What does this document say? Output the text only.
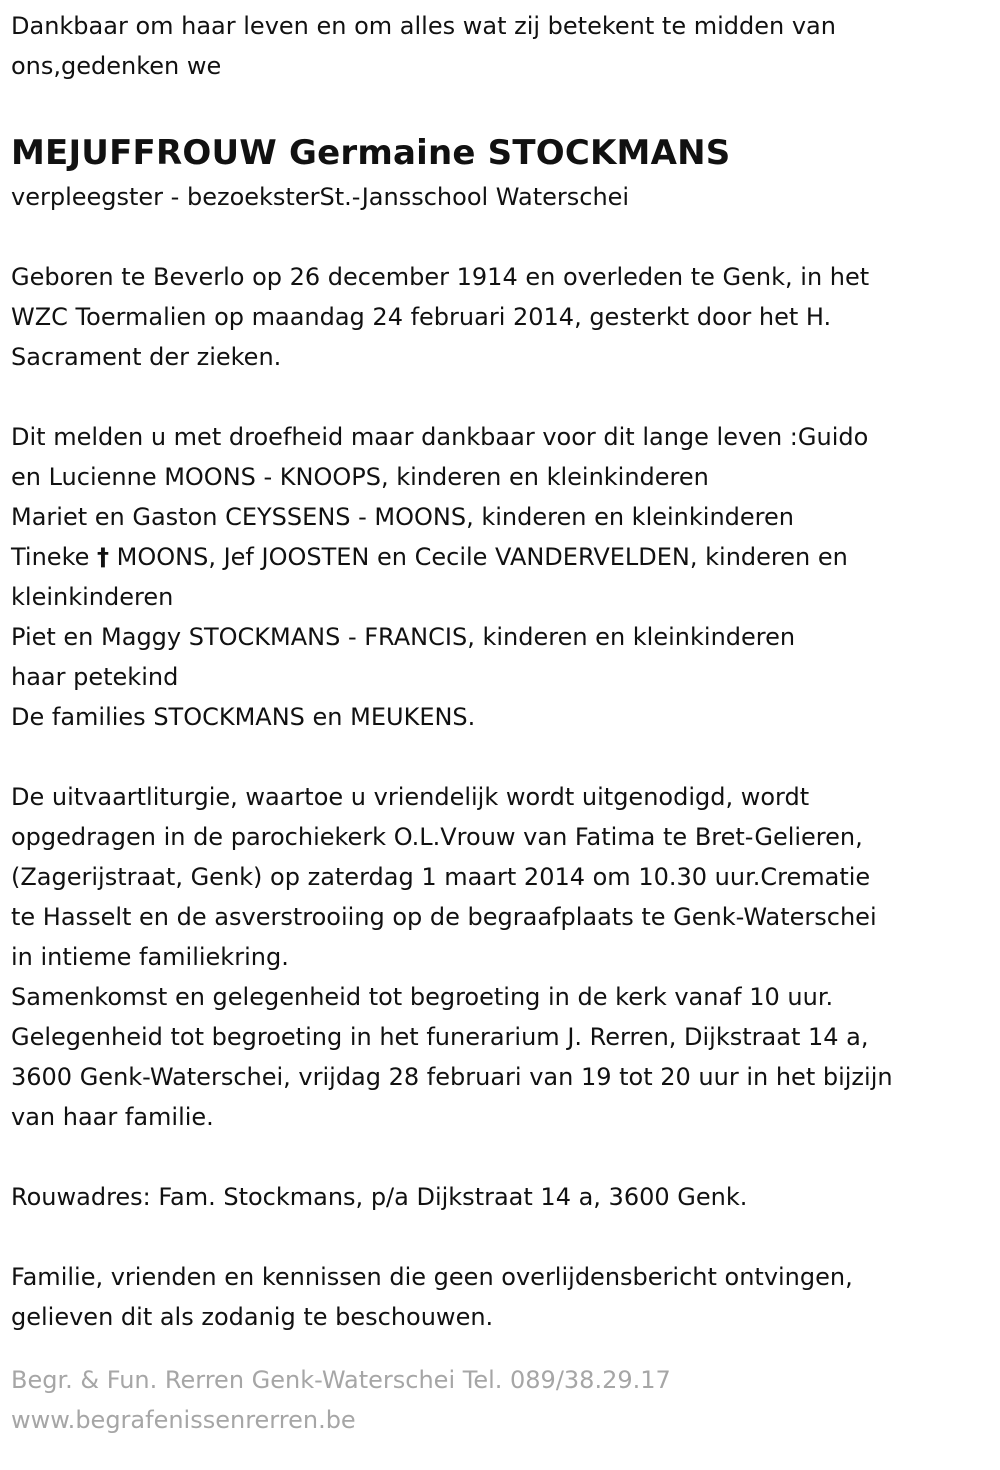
Dankbaar om haar leven en om alles wat zij betekent te midden van

ons,gedenken we

MEJUFFROUW Germaine STOCKMANS

verpleegster - bezoeksterSt.-Jansschool Waterschei

Geboren te Beverlo op 26 december 1914 en overleden te Genk, in het

WZC Toermalien op maandag 24 februari 2014, gesterkt door het H.

Sacrament der zieken.

Dit melden u met droefheid maar dankbaar voor dit lange leven :Guido

en Lucienne MOONS - KNOOPS, kinderen en kleinkinderen

Mariet en Gaston CEYSSENS - MOONS, kinderen en kleinkinderen

Tineke † MOONS, Jef JOOSTEN en Cecile VANDERVELDEN, kinderen en

kleinkinderen

Piet en Maggy STOCKMANS - FRANCIS, kinderen en kleinkinderen

haar petekind

De families STOCKMANS en MEUKENS.

De uitvaartliturgie, waartoe u vriendelijk wordt uitgenodigd, wordt

opgedragen in de parochiekerk O.L.Vrouw van Fatima te Bret-Gelieren,

(Zagerijstraat, Genk) op zaterdag 1 maart 2014 om 10.30 uur.Crematie

te Hasselt en de asverstrooiing op de begraafplaats te Genk-Waterschei

in intieme familiekring.

Samenkomst en gelegenheid tot begroeting in de kerk vanaf 10 uur.

Gelegenheid tot begroeting in het funerarium J. Rerren, Dijkstraat 14 a,

3600 Genk-Waterschei, vrijdag 28 februari van 19 tot 20 uur in het bijzijn

van haar familie.

Rouwadres: Fam. Stockmans, p/a Dijkstraat 14 a, 3600 Genk.

Familie, vrienden en kennissen die geen overlijdensbericht ontvingen,

gelieven dit als zodanig te beschouwen.

Begr. & Fun. Rerren Genk-Waterschei Tel. 089/38.29.17
www.begrafenissenrerren.be
